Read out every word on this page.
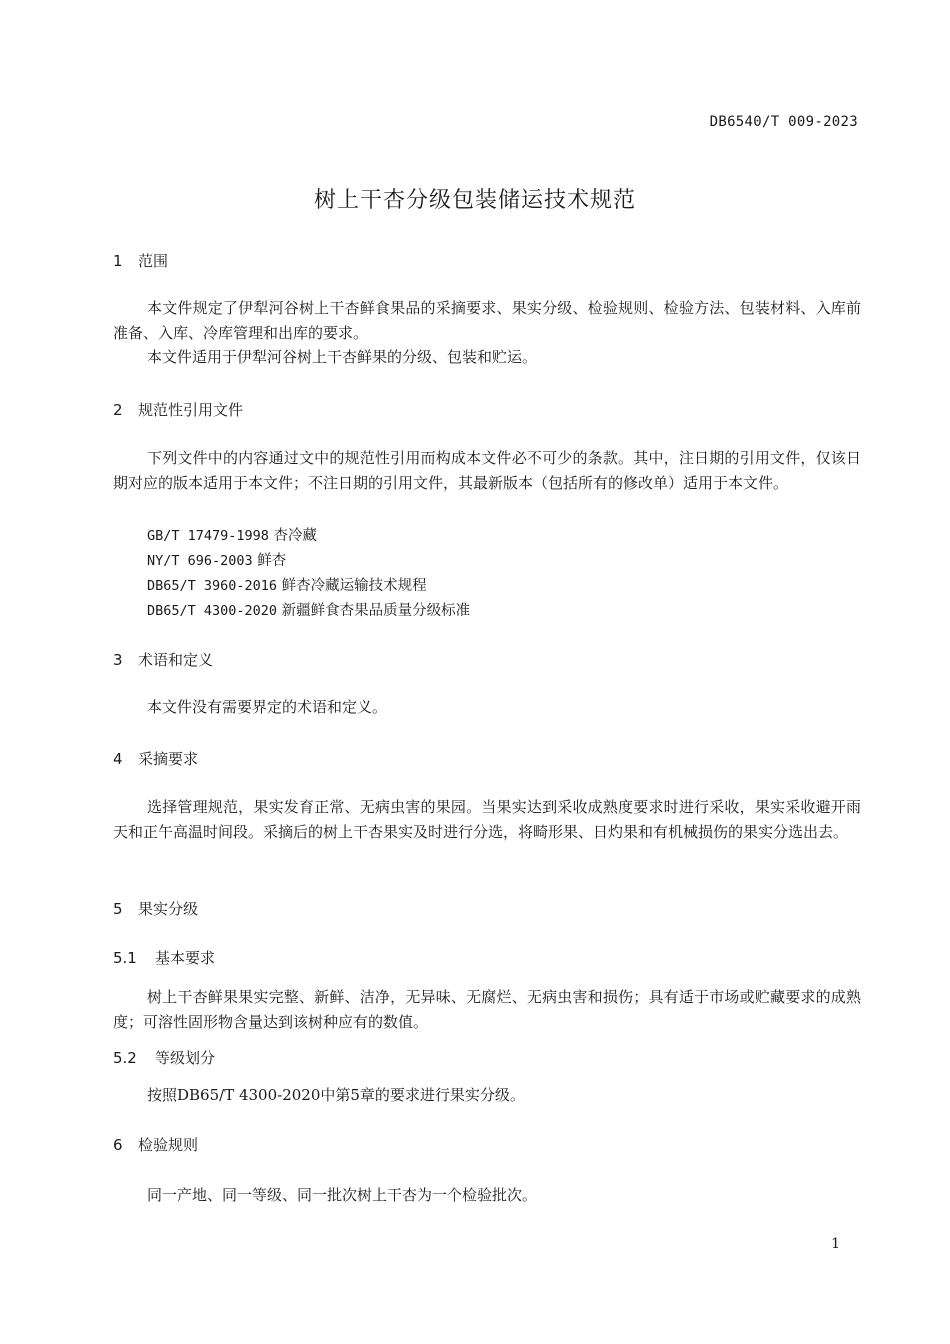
DB6540/T 009-2023
树上干杏分级包装储运技术规范
1 范围

本文件规定了伊犁河谷树上干杏鲜食果品的采摘要求、果实分级、检验规则、检验方法、包装材料、入库前准备、入库、冷库管理和出库的要求。

本文件适用于伊犁河谷树上干杏鲜果的分级、包装和贮运。

2 规范性引用文件

下列文件中的内容通过文中的规范性引用而构成本文件必不可少的条款。其中，注日期的引用文件，仅该日期对应的版本适用于本文件；不注日期的引用文件，其最新版本（包括所有的修改单）适用于本文件。

GB/T 17479-1998 杏冷藏
NY/T 696-2003 鲜杏
DB65/T 3960-2016 鲜杏冷藏运输技术规程
DB65/T 4300-2020 新疆鲜食杏果品质量分级标准
3 术语和定义

本文件没有需要界定的术语和定义。

4 采摘要求

选择管理规范，果实发育正常、无病虫害的果园。当果实达到采收成熟度要求时进行采收，果实采收避开雨天和正午高温时间段。采摘后的树上干杏果实及时进行分选，将畸形果、日灼果和有机械损伤的果实分选出去。

5 果实分级
5.1 基本要求

树上干杏鲜果果实完整、新鲜、洁净，无异味、无腐烂、无病虫害和损伤；具有适于市场或贮藏要求的成熟度；可溶性固形物含量达到该树种应有的数值。

5.2 等级划分

按照DB65/T 4300-2020中第5章的要求进行果实分级。

6 检验规则

同一产地、同一等级、同一批次树上干杏为一个检验批次。

1
